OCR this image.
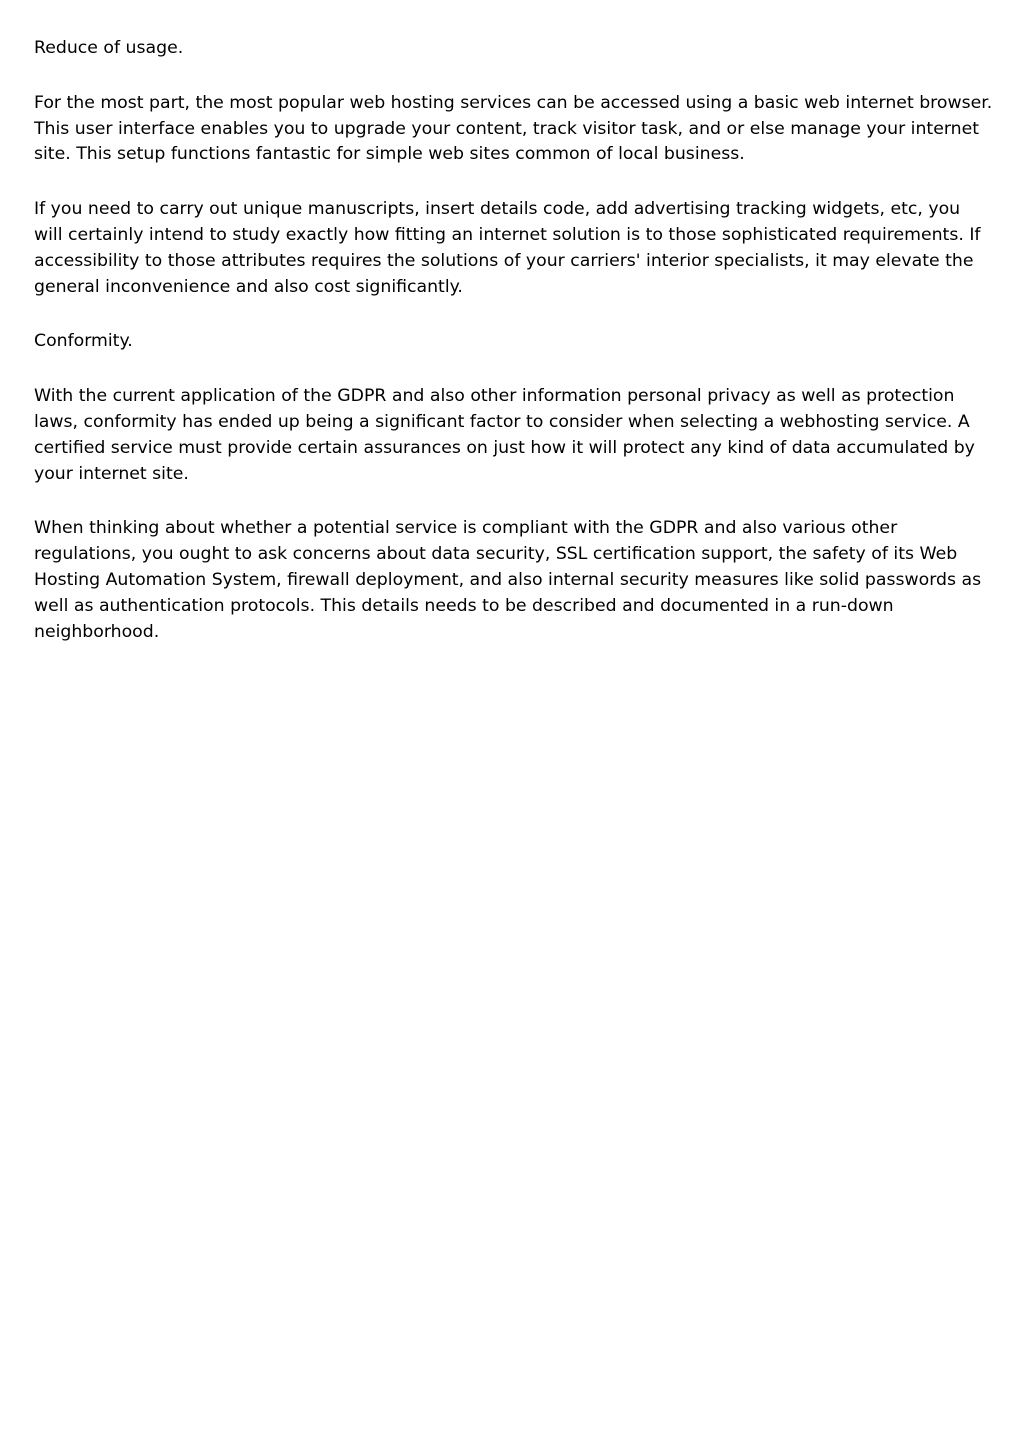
Reduce of usage.

For the most part, the most popular web hosting services can be accessed using a basic web internet browser. This user interface enables you to upgrade your content, track visitor task, and or else manage your internet site. This setup functions fantastic for simple web sites common of local business.

If you need to carry out unique manuscripts, insert details code, add advertising tracking widgets, etc, you will certainly intend to study exactly how fitting an internet solution is to those sophisticated requirements. If accessibility to those attributes requires the solutions of your carriers' interior specialists, it may elevate the general inconvenience and also cost significantly.

Conformity.

With the current application of the GDPR and also other information personal privacy as well as protection laws, conformity has ended up being a significant factor to consider when selecting a webhosting service. A certified service must provide certain assurances on just how it will protect any kind of data accumulated by your internet site.

When thinking about whether a potential service is compliant with the GDPR and also various other regulations, you ought to ask concerns about data security, SSL certification support, the safety of its Web Hosting Automation System, firewall deployment, and also internal security measures like solid passwords as well as authentication protocols. This details needs to be described and documented in a run-down neighborhood.
